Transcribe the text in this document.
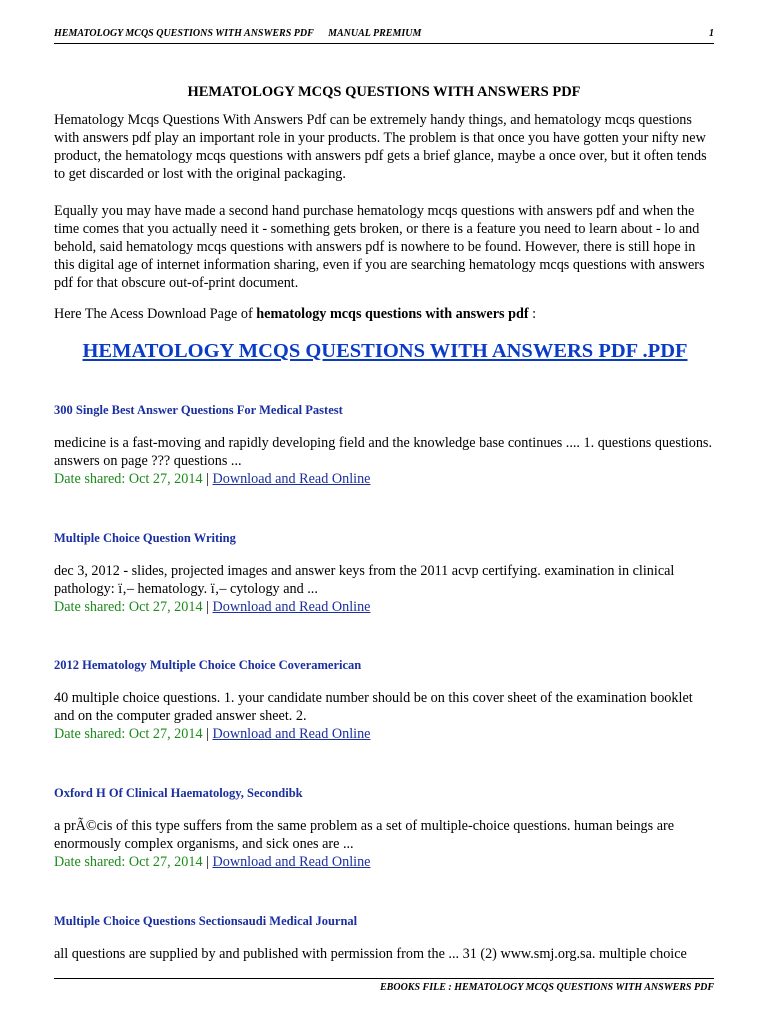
HEMATOLOGY MCQS QUESTIONS WITH ANSWERS PDF MANUAL PREMIUM	1
HEMATOLOGY MCQS QUESTIONS WITH ANSWERS PDF

Hematology Mcqs Questions With Answers Pdf can be extremely handy things, and hematology mcqs questions with answers pdf play an important role in your products. The problem is that once you have gotten your nifty new product, the hematology mcqs questions with answers pdf gets a brief glance, maybe a once over, but it often tends to get discarded or lost with the original packaging.

Equally you may have made a second hand purchase hematology mcqs questions with answers pdf and when the time comes that you actually need it - something gets broken, or there is a feature you need to learn about - lo and behold, said hematology mcqs questions with answers pdf is nowhere to be found. However, there is still hope in this digital age of internet information sharing, even if you are searching hematology mcqs questions with answers pdf for that obscure out-of-print document.

Here The Acess Download Page of hematology mcqs questions with answers pdf :
HEMATOLOGY MCQS QUESTIONS WITH ANSWERS PDF .PDF
300 Single Best Answer Questions For Medical Pastest
medicine is a fast-moving and rapidly developing field and the knowledge base continues .... 1. questions questions. answers on page ??? questions ...
Date shared: Oct 27, 2014 | Download and Read Online
Multiple Choice Question Writing
dec 3, 2012 - slides, projected images and answer keys from the 2011 acvp certifying. examination in clinical pathology: ï‚– hematology. ï‚– cytology and ...
Date shared: Oct 27, 2014 | Download and Read Online
2012 Hematology Multiple Choice Choice Coveramerican
40 multiple choice questions. 1. your candidate number should be on this cover sheet of the examination booklet and on the computer graded answer sheet. 2.
Date shared: Oct 27, 2014 | Download and Read Online
Oxford H Of Clinical Haematology, Secondibk
a prÃ©cis of this type suffers from the same problem as a set of multiple-choice questions. human beings are enormously complex organisms, and sick ones are ...
Date shared: Oct 27, 2014 | Download and Read Online
Multiple Choice Questions Sectionsaudi Medical Journal
all questions are supplied by and published with permission from the ... 31 (2) www.smj.org.sa. multiple choice
EBOOKS FILE : HEMATOLOGY MCQS QUESTIONS WITH ANSWERS PDF
